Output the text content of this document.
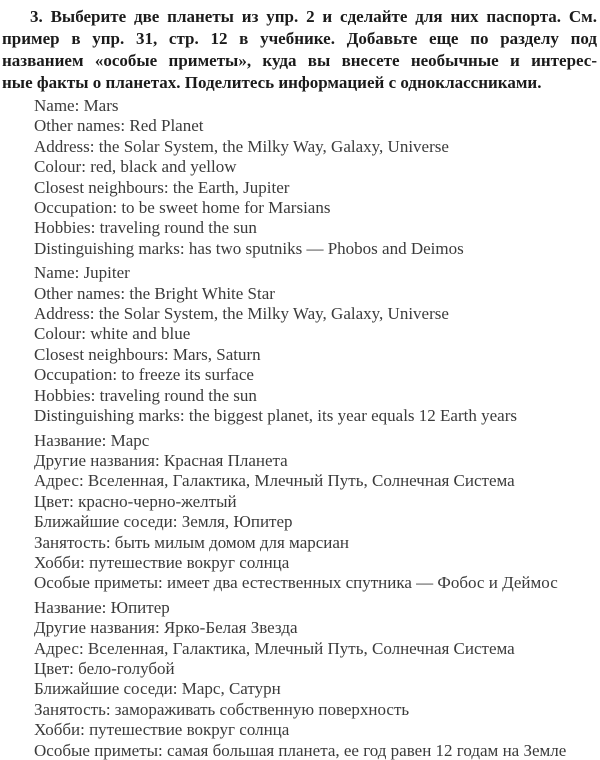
3. Выберите две планеты из упр. 2 и сделайте для них паспорта. См.
пример в упр. 31, стр. 12 в учебнике. Добавьте еще по разделу под
названием «особые приметы», куда вы внесете необычные и интерес-
ные факты о планетах. Поделитесь информацией с одноклассниками.
Name: Mars
Other names: Red Planet
Address: the Solar System, the Milky Way, Galaxy, Universe
Colour: red, black and yellow
Closest neighbours: the Earth, Jupiter
Occupation: to be sweet home for Marsians
Hobbies: traveling round the sun
Distinguishing marks: has two sputniks — Phobos and Deimos
Name: Jupiter
Other names: the Bright White Star
Address: the Solar System, the Milky Way, Galaxy, Universe
Colour: white and blue
Closest neighbours: Mars, Saturn
Occupation: to freeze its surface
Hobbies: traveling round the sun
Distinguishing marks: the biggest planet, its year equals 12 Earth years
Название: Марс
Другие названия: Красная Планета
Адрес: Вселенная, Галактика, Млечный Путь, Солнечная Система
Цвет: красно-черно-желтый
Ближайшие соседи: Земля, Юпитер
Занятость: быть милым домом для марсиан
Хобби: путешествие вокруг солнца
Особые приметы: имеет два естественных спутника — Фобос и Деймос
Название: Юпитер
Другие названия: Ярко-Белая Звезда
Адрес: Вселенная, Галактика, Млечный Путь, Солнечная Система
Цвет: бело-голубой
Ближайшие соседи: Марс, Сатурн
Занятость: замораживать собственную поверхность
Хобби: путешествие вокруг солнца
Особые приметы: самая большая планета, ее год равен 12 годам на Земле
